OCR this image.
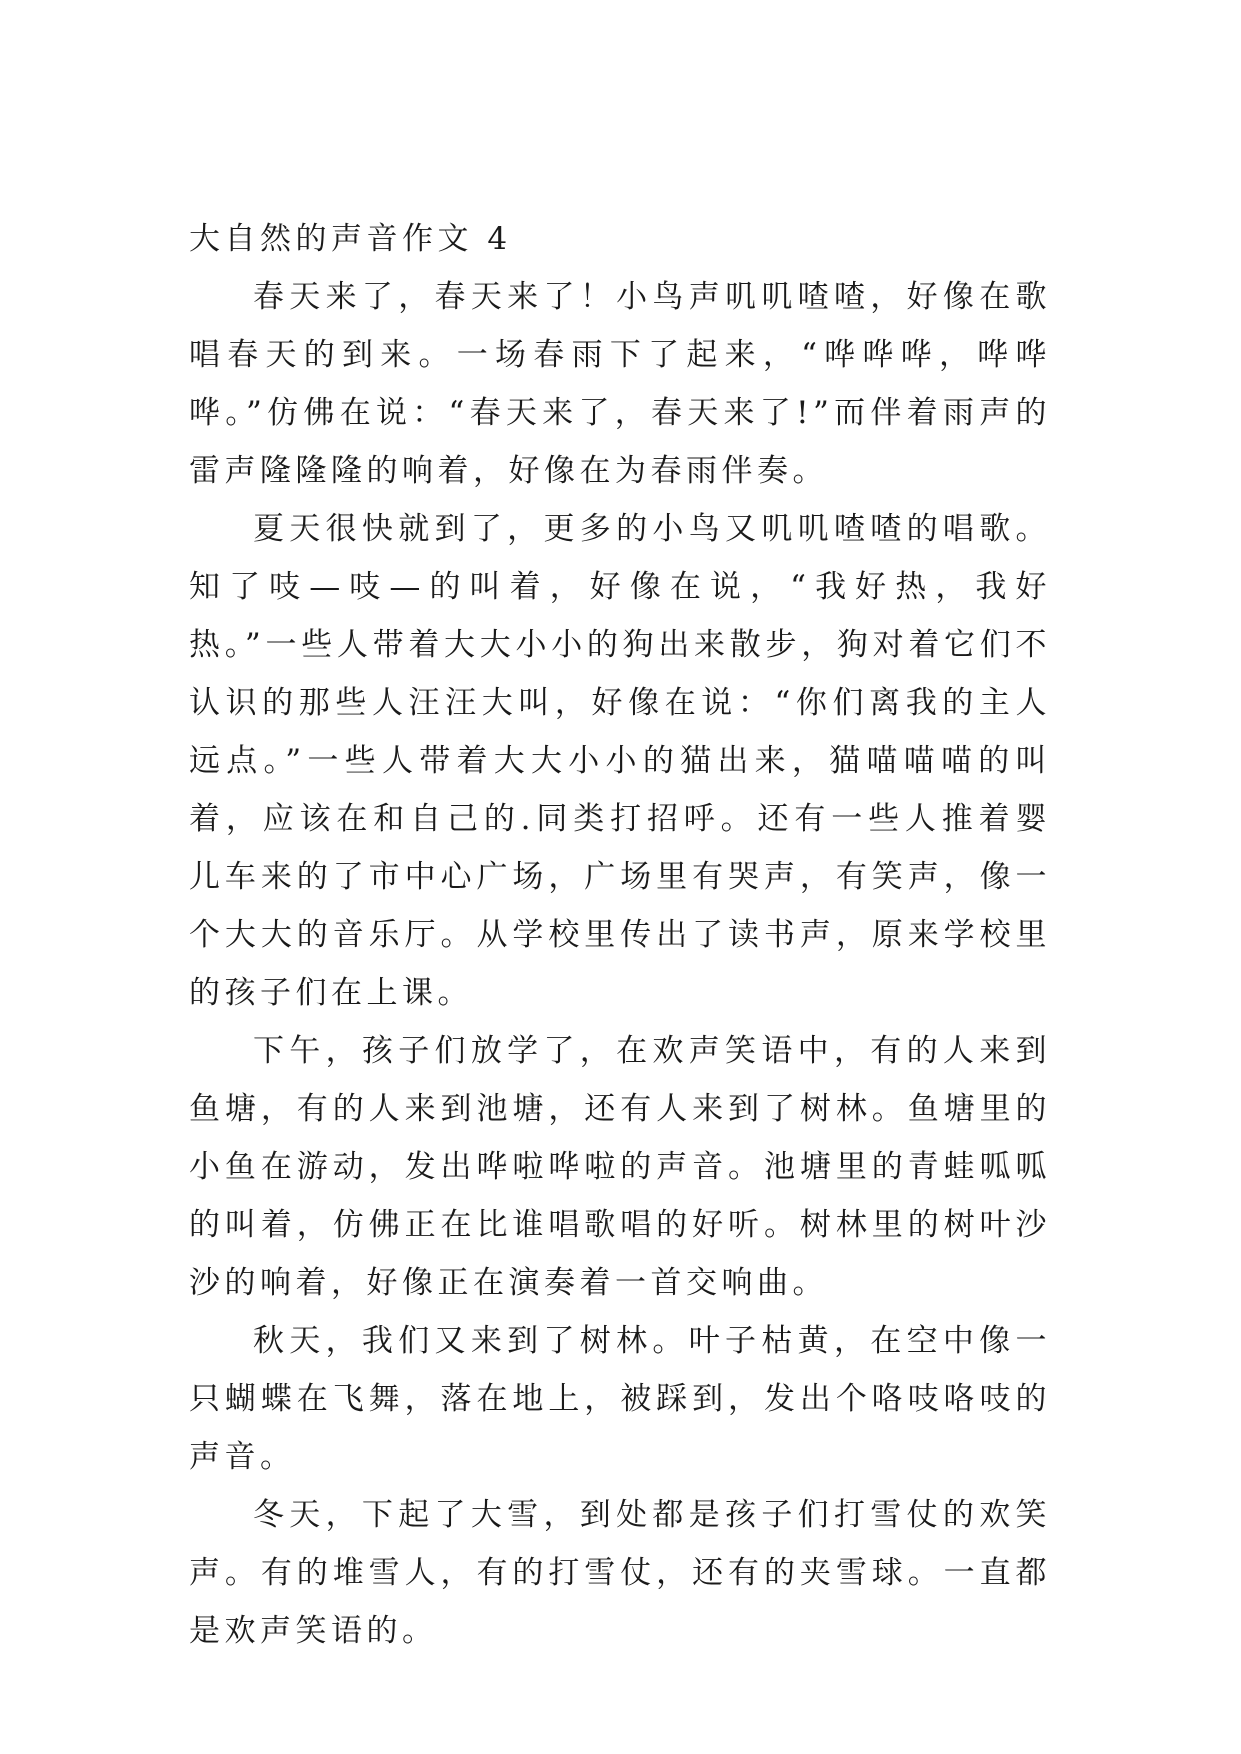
大自然的声音作文 4

春天来了，春天来了！小鸟声叽叽喳喳，好像在歌唱春天的到来。一场春雨下了起来，“哗哗哗，哗哗哗。”仿佛在说：“春天来了，春天来了!”而伴着雨声的雷声隆隆隆的响着，好像在为春雨伴奏。

夏天很快就到了，更多的小鸟又叽叽喳喳的唱歌。知了吱—吱—的叫着，好像在说，“我好热，我好热。”一些人带着大大小小的狗出来散步，狗对着它们不认识的那些人汪汪大叫，好像在说：“你们离我的主人远点。”一些人带着大大小小的猫出来，猫喵喵喵的叫着，应该在和自己的.同类打招呼。还有一些人推着婴儿车来的了市中心广场，广场里有哭声，有笑声，像一个大大的音乐厅。从学校里传出了读书声，原来学校里的孩子们在上课。

下午，孩子们放学了，在欢声笑语中，有的人来到鱼塘，有的人来到池塘，还有人来到了树林。鱼塘里的小鱼在游动，发出哗啦哗啦的声音。池塘里的青蛙呱呱的叫着，仿佛正在比谁唱歌唱的好听。树林里的树叶沙沙的响着，好像正在演奏着一首交响曲。

秋天，我们又来到了树林。叶子枯黄，在空中像一只蝴蝶在飞舞，落在地上，被踩到，发出个咯吱咯吱的声音。

冬天，下起了大雪，到处都是孩子们打雪仗的欢笑声。有的堆雪人，有的打雪仗，还有的夹雪球。一直都是欢声笑语的。
